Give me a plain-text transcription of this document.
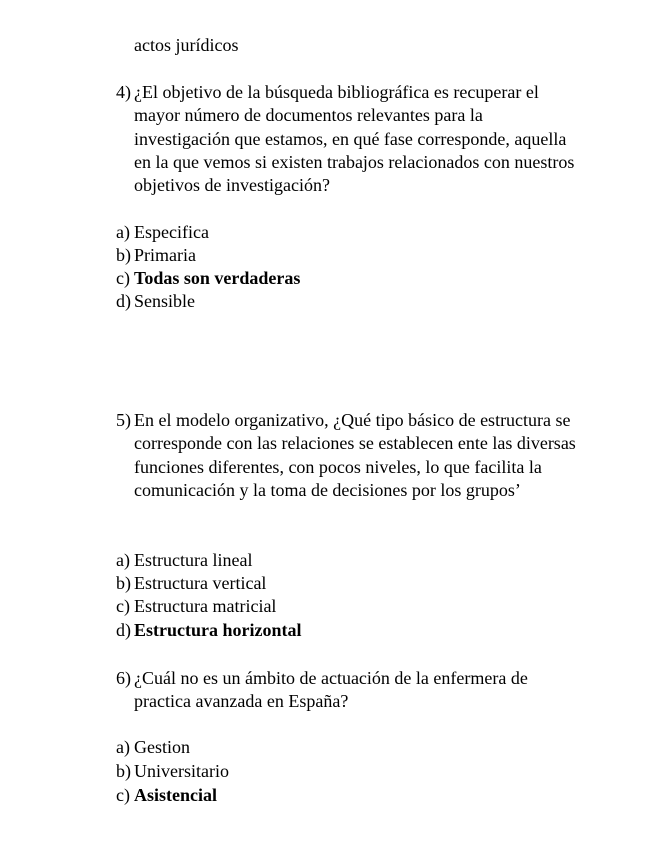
actos jurídicos
4) ¿El objetivo de la búsqueda bibliográfica es recuperar el mayor número de documentos relevantes para la investigación que estamos, en qué fase corresponde, aquella en la que vemos si existen trabajos relacionados con nuestros objetivos de investigación?
a) Especifica
b) Primaria
c) Todas son verdaderas
d) Sensible
5) En el modelo organizativo, ¿Qué tipo básico de estructura se corresponde con las relaciones se establecen ente las diversas funciones diferentes, con pocos niveles, lo que facilita la comunicación y la toma de decisiones por los grupos’
a) Estructura lineal
b) Estructura vertical
c) Estructura matricial
d) Estructura horizontal
6) ¿Cuál no es un ámbito de actuación de la enfermera de practica avanzada en España?
a) Gestion
b) Universitario
c) Asistencial
